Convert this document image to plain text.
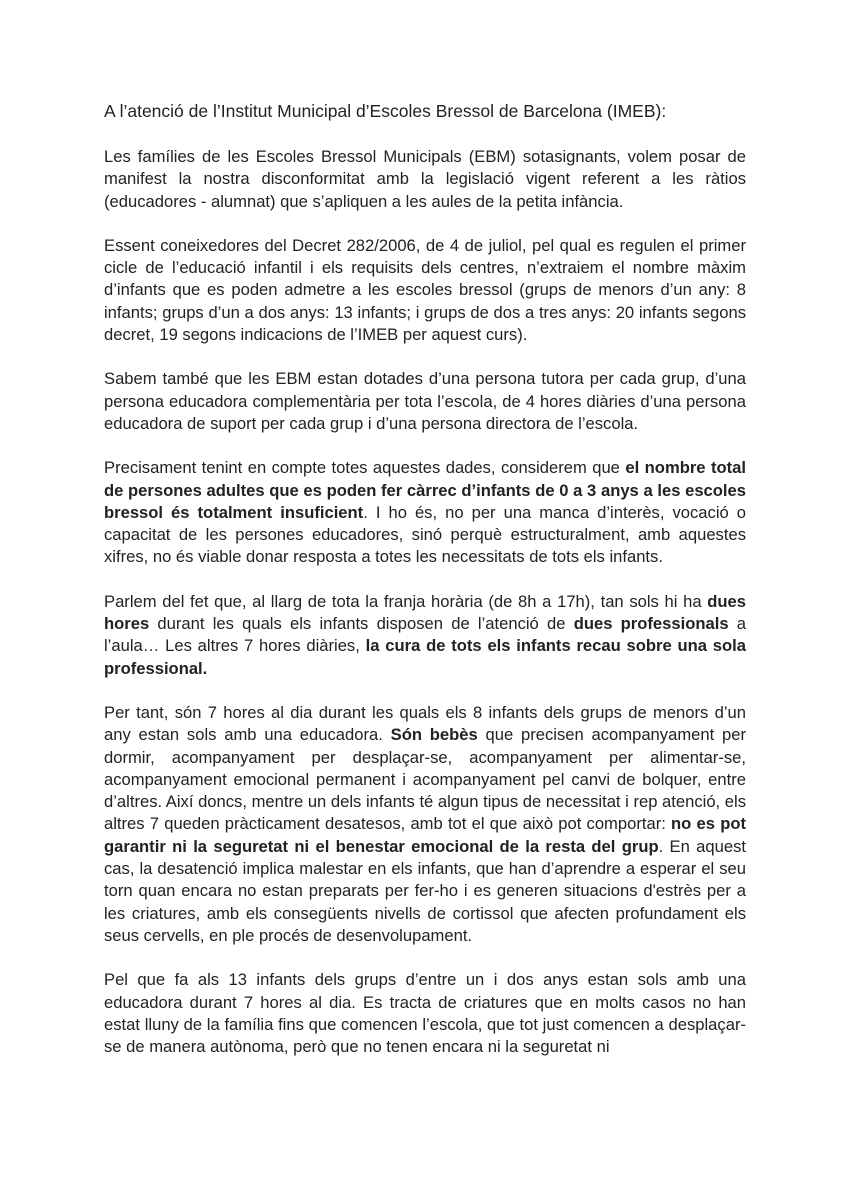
A l’atenció de l’Institut Municipal d’Escoles Bressol de Barcelona (IMEB):

Les famílies de les Escoles Bressol Municipals (EBM) sotasignants, volem posar de manifest la nostra disconformitat amb la legislació vigent referent a les ràtios (educadores - alumnat) que s’apliquen a les aules de la petita infància.

Essent coneixedores del Decret 282/2006, de 4 de juliol, pel qual es regulen el primer cicle de l’educació infantil i els requisits dels centres, n’extraiem el nombre màxim d’infants que es poden admetre a les escoles bressol (grups de menors d’un any: 8 infants; grups d’un a dos anys: 13 infants; i grups de dos a tres anys: 20 infants segons decret, 19 segons indicacions de l’IMEB per aquest curs).

Sabem també que les EBM estan dotades d’una persona tutora per cada grup, d’una persona educadora complementària per tota l’escola, de 4 hores diàries d’una persona educadora de suport per cada grup i d’una persona directora de l’escola.

Precisament tenint en compte totes aquestes dades, considerem que el nombre total de persones adultes que es poden fer càrrec d’infants de 0 a 3 anys a les escoles bressol és totalment insuficient. I ho és, no per una manca d’interès, vocació o capacitat de les persones educadores, sinó perquè estructuralment, amb aquestes xifres, no és viable donar resposta a totes les necessitats de tots els infants.

Parlem del fet que, al llarg de tota la franja horària (de 8h a 17h), tan sols hi ha dues hores durant les quals els infants disposen de l’atenció de dues professionals a l’aula… Les altres 7 hores diàries, la cura de tots els infants recau sobre una sola professional.

Per tant, són 7 hores al dia durant les quals els 8 infants dels grups de menors d’un any estan sols amb una educadora. Són bebès que precisen acompanyament per dormir, acompanyament per desplaçar-se, acompanyament per alimentar-se, acompanyament emocional permanent i acompanyament pel canvi de bolquer, entre d’altres. Així doncs, mentre un dels infants té algun tipus de necessitat i rep atenció, els altres 7 queden pràcticament desatesos, amb tot el que això pot comportar: no es pot garantir ni la seguretat ni el benestar emocional de la resta del grup. En aquest cas, la desatenció implica malestar en els infants, que han d’aprendre a esperar el seu torn quan encara no estan preparats per fer-ho i es generen situacions d'estrès per a les criatures, amb els consegüents nivells de cortissol que afecten profundament els seus cervells, en ple procés de desenvolupament.

Pel que fa als 13 infants dels grups d’entre un i dos anys estan sols amb una educadora durant 7 hores al dia. Es tracta de criatures que en molts casos no han estat lluny de la família fins que comencen l’escola, que tot just comencen a desplaçar-se de manera autònoma, però que no tenen encara ni la seguretat ni
